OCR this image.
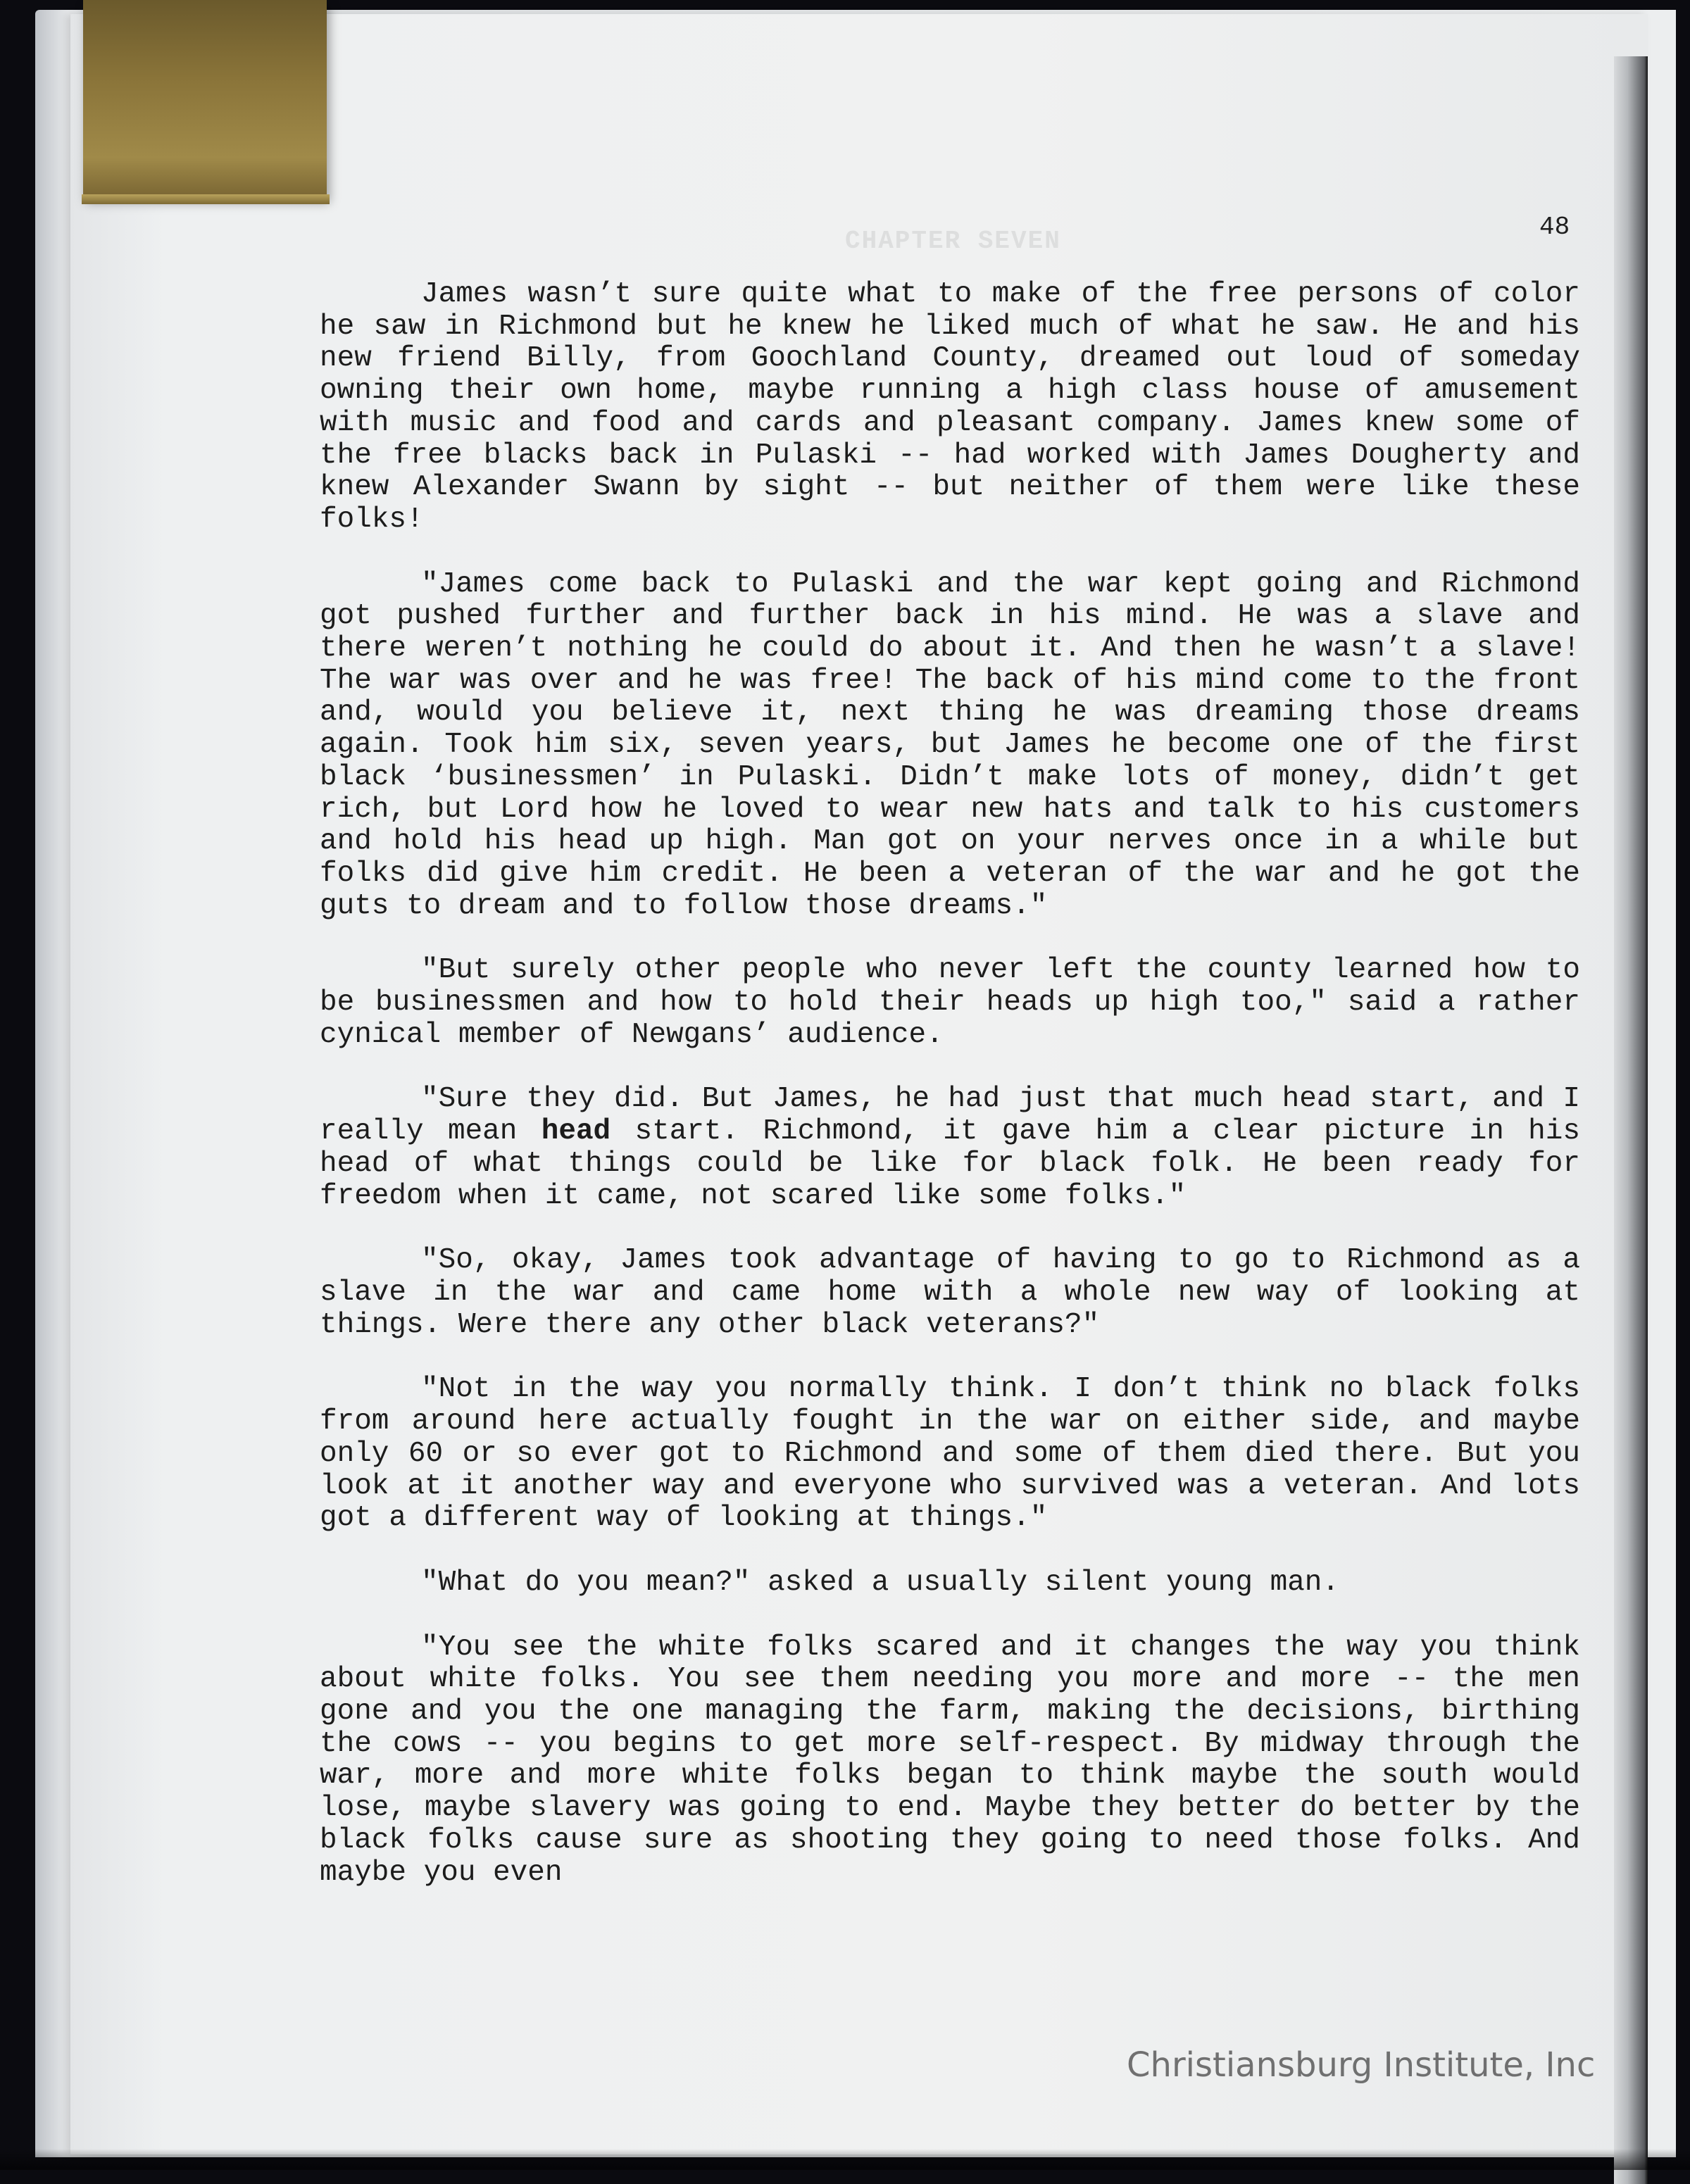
CHAPTER SEVEN	48

James wasn’t sure quite what to make of the free persons of color he saw in Richmond but he knew he liked much of what he saw. He and his new friend Billy, from Goochland County, dreamed out loud of someday owning their own home, maybe running a high class house of amusement with music and food and cards and pleasant company. James knew some of the free blacks back in Pulaski -- had worked with James Dougherty and knew Alexander Swann by sight -- but neither of them were like these folks!

"James come back to Pulaski and the war kept going and Richmond got pushed further and further back in his mind. He was a slave and there weren’t nothing he could do about it. And then he wasn’t a slave! The war was over and he was free! The back of his mind come to the front and, would you believe it, next thing he was dreaming those dreams again. Took him six, seven years, but James he become one of the first black ‘businessmen’ in Pulaski. Didn’t make lots of money, didn’t get rich, but Lord how he loved to wear new hats and talk to his customers and hold his head up high. Man got on your nerves once in a while but folks did give him credit. He been a veteran of the war and he got the guts to dream and to follow those dreams."

"But surely other people who never left the county learned how to be businessmen and how to hold their heads up high too," said a rather cynical member of Newgans’ audience.

"Sure they did. But James, he had just that much head start, and I really mean head start. Richmond, it gave him a clear picture in his head of what things could be like for black folk. He been ready for freedom when it came, not scared like some folks."

"So, okay, James took advantage of having to go to Richmond as a slave in the war and came home with a whole new way of looking at things. Were there any other black veterans?"

"Not in the way you normally think. I don’t think no black folks from around here actually fought in the war on either side, and maybe only 60 or so ever got to Richmond and some of them died there. But you look at it another way and everyone who survived was a veteran. And lots got a different way of looking at things."

"What do you mean?" asked a usually silent young man.

"You see the white folks scared and it changes the way you think about white folks. You see them needing you more and more -- the men gone and you the one managing the farm, making the decisions, birthing the cows -- you begins to get more self-respect. By midway through the war, more and more white folks began to think maybe the south would lose, maybe slavery was going to end. Maybe they better do better by the black folks cause sure as shooting they going to need those folks. And maybe you even

Christiansburg Institute, Inc
